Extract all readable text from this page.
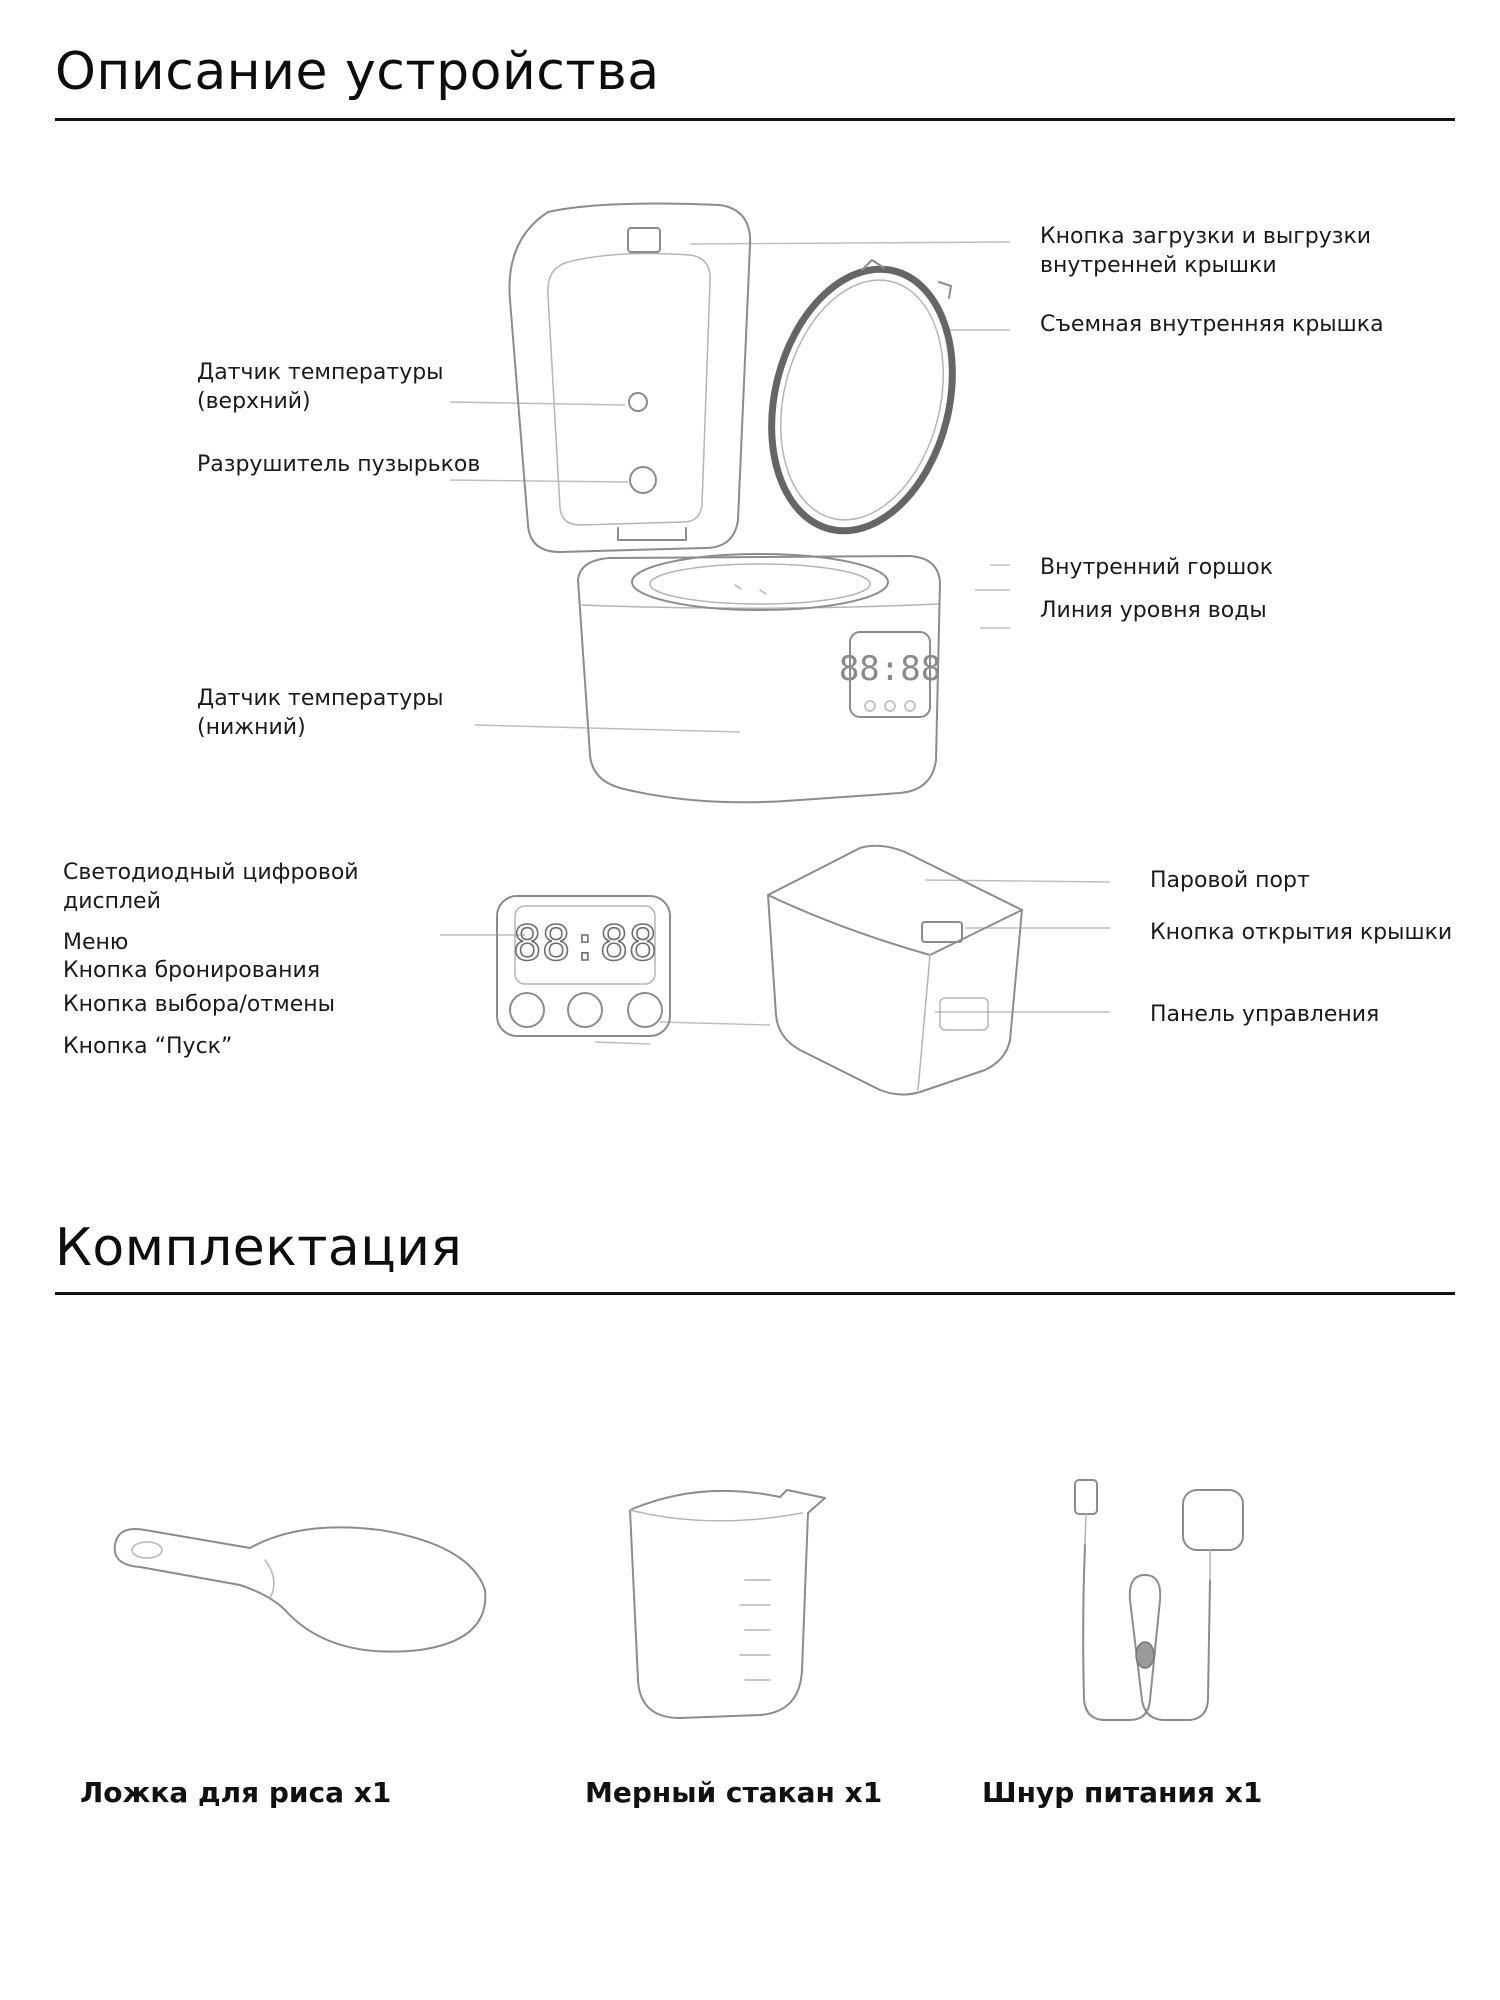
Описание устройства
88:88
88:88
Датчик температуры
(верхний)
Разрушитель пузырьков
Датчик температуры
(нижний)
Светодиодный цифровой
дисплей
Меню
Кнопка бронирования
Кнопка выбора/отмены
Кнопка “Пуск”
Кнопка загрузки и выгрузки
внутренней крышки
Съемная внутренняя крышка
Внутренний горшок
Линия уровня воды
Паровой порт
Кнопка открытия крышки
Панель управления
Комплектация
Ложка для риса x1	Мерный стакан x1	Шнур питания x1
